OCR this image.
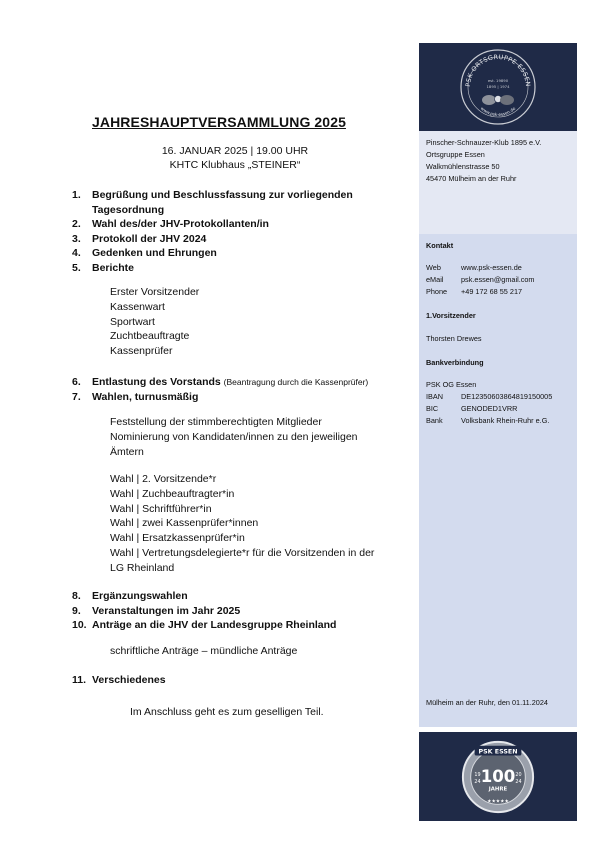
JAHRESHAUPTVERSAMMLUNG 2025
16. JANUAR 2025 | 19.00 UHR
KHTC Klubhaus „STEINER“
1.	Begrüßung und Beschlussfassung zur vorliegenden Tagesordnung
2.	Wahl des/der JHV-Protokollanten/in
3.	Protokoll der JHV 2024
4.	Gedenken und Ehrungen
5.	Berichte
Erster Vorsitzender
Kassenwart
Sportwart
Zuchtbeauftragte
Kassenprüfer
6.	Entlastung des Vorstands (Beantragung durch die Kassenprüfer)
7.	Wahlen, turnusmäßig
Feststellung der stimmberechtigten Mitglieder
Nominierung von Kandidaten/innen zu den jeweiligen
Ämtern
Wahl | 2. Vorsitzende*r
Wahl | Zuchbeauftragter*in
Wahl | Schriftführer*in
Wahl | zwei Kassenprüfer*innen
Wahl | Ersatzkassenprüfer*in
Wahl | Vertretungsdelegierte*r für die Vorsitzenden in der
LG Rheinland
8.	Ergänzungswahlen
9.	Veranstaltungen im Jahr 2025
10. Anträge an die JHV der Landesgruppe Rheinland
schriftliche Anträge – mündliche Anträge
11. Verschiedenes
Im Anschluss geht es zum geselligen Teil.
PSK ORTSGRUPPE ESSEN
est. 19890
1895 | 1974
www.psk-essen.de
Pinscher-Schnauzer-Klub 1895 e.V.
Ortsgruppe Essen
Walkmühlenstrasse 50
45470 Mülheim an der Ruhr
Kontakt
Web	www.psk-essen.de
eMail	psk.essen@gmail.com
Phone	+49 172 68 55 217
1.Vorsitzender
Thorsten Drewes
Bankverbindung
PSK OG Essen
IBAN	DE12350603864819150005
BIC	GENODED1VRR
Bank	Volksbank Rhein-Ruhr e.G.
Mülheim an der Ruhr, den 01.11.2024
PSK ESSEN
100
JAHRE
19
24
20
24
★★★★★
